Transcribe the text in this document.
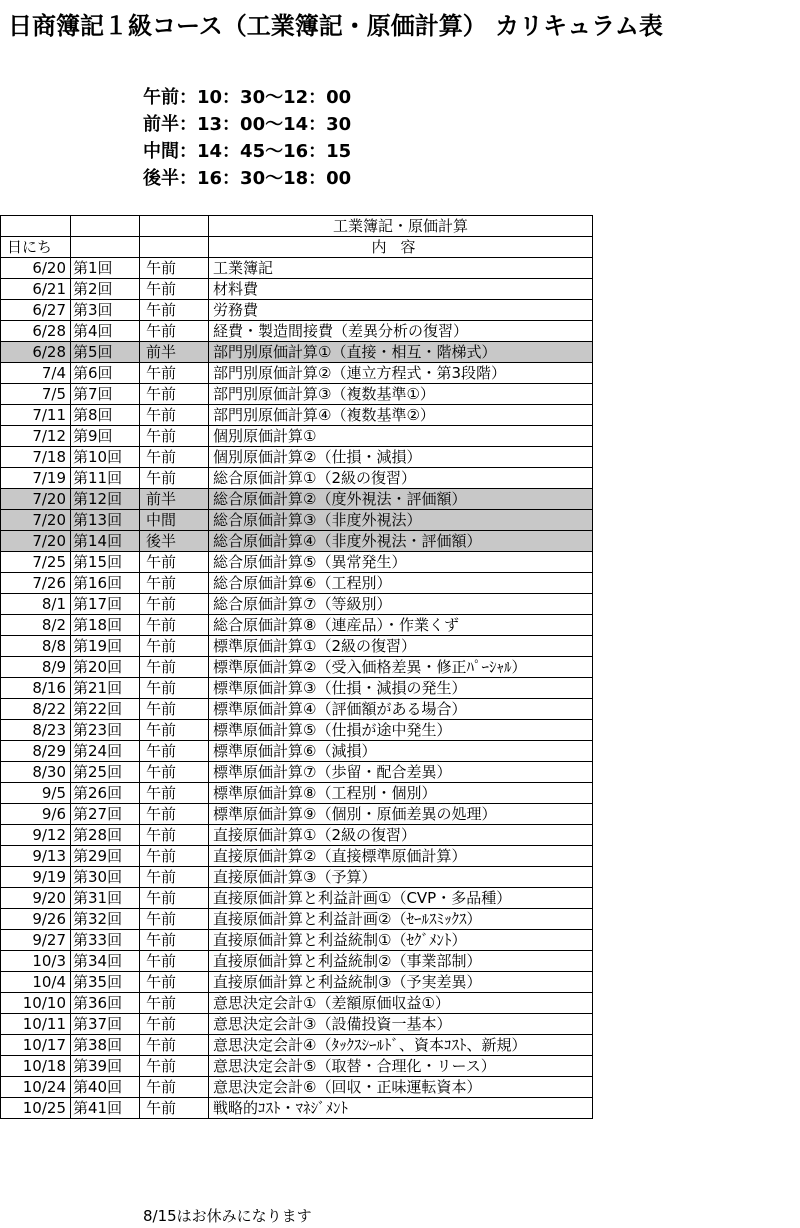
日商簿記１級コース（工業簿記・原価計算） カリキュラム表
午前：10：30～12：00
前半：13：00～14：30
中間：14：45～16：15
後半：16：30～18：00
			工業簿記・原価計算
日にち			内容
6/20	第1回	午前	工業簿記
6/21	第2回	午前	材料費
6/27	第3回	午前	労務費
6/28	第4回	午前	経費・製造間接費（差異分析の復習）
6/28	第5回	前半	部門別原価計算①（直接・相互・階梯式）
7/4	第6回	午前	部門別原価計算②（連立方程式・第3段階）
7/5	第7回	午前	部門別原価計算③（複数基準①）
7/11	第8回	午前	部門別原価計算④（複数基準②）
7/12	第9回	午前	個別原価計算①
7/18	第10回	午前	個別原価計算②（仕損・減損）
7/19	第11回	午前	総合原価計算①（2級の復習）
7/20	第12回	前半	総合原価計算②（度外視法・評価額）
7/20	第13回	中間	総合原価計算③（非度外視法）
7/20	第14回	後半	総合原価計算④（非度外視法・評価額）
7/25	第15回	午前	総合原価計算⑤（異常発生）
7/26	第16回	午前	総合原価計算⑥（工程別）
8/1	第17回	午前	総合原価計算⑦（等級別）
8/2	第18回	午前	総合原価計算⑧（連産品）・作業くず
8/8	第19回	午前	標準原価計算①（2級の復習）
8/9	第20回	午前	標準原価計算②（受入価格差異・修正ﾊﾟｰｼｬﾙ）
8/16	第21回	午前	標準原価計算③（仕損・減損の発生）
8/22	第22回	午前	標準原価計算④（評価額がある場合）
8/23	第23回	午前	標準原価計算⑤（仕損が途中発生）
8/29	第24回	午前	標準原価計算⑥（減損）
8/30	第25回	午前	標準原価計算⑦（歩留・配合差異）
9/5	第26回	午前	標準原価計算⑧（工程別・個別）
9/6	第27回	午前	標準原価計算⑨（個別・原価差異の処理）
9/12	第28回	午前	直接原価計算①（2級の復習）
9/13	第29回	午前	直接原価計算②（直接標準原価計算）
9/19	第30回	午前	直接原価計算③（予算）
9/20	第31回	午前	直接原価計算と利益計画①（CVP・多品種）
9/26	第32回	午前	直接原価計算と利益計画②（ｾｰﾙｽﾐｯｸｽ）
9/27	第33回	午前	直接原価計算と利益統制①（ｾｸﾞﾒﾝﾄ）
10/3	第34回	午前	直接原価計算と利益統制②（事業部制）
10/4	第35回	午前	直接原価計算と利益統制③（予実差異）
10/10	第36回	午前	意思決定会計①（差額原価収益①）
10/11	第37回	午前	意思決定会計③（設備投資一基本）
10/17	第38回	午前	意思決定会計④（ﾀｯｸｽｼｰﾙﾄﾞ、資本ｺｽﾄ、新規）
10/18	第39回	午前	意思決定会計⑤（取替・合理化・リース）
10/24	第40回	午前	意思決定会計⑥（回収・正味運転資本）
10/25	第41回	午前	戦略的ｺｽﾄ・ﾏﾈｼﾞﾒﾝﾄ
8/15はお休みになります
